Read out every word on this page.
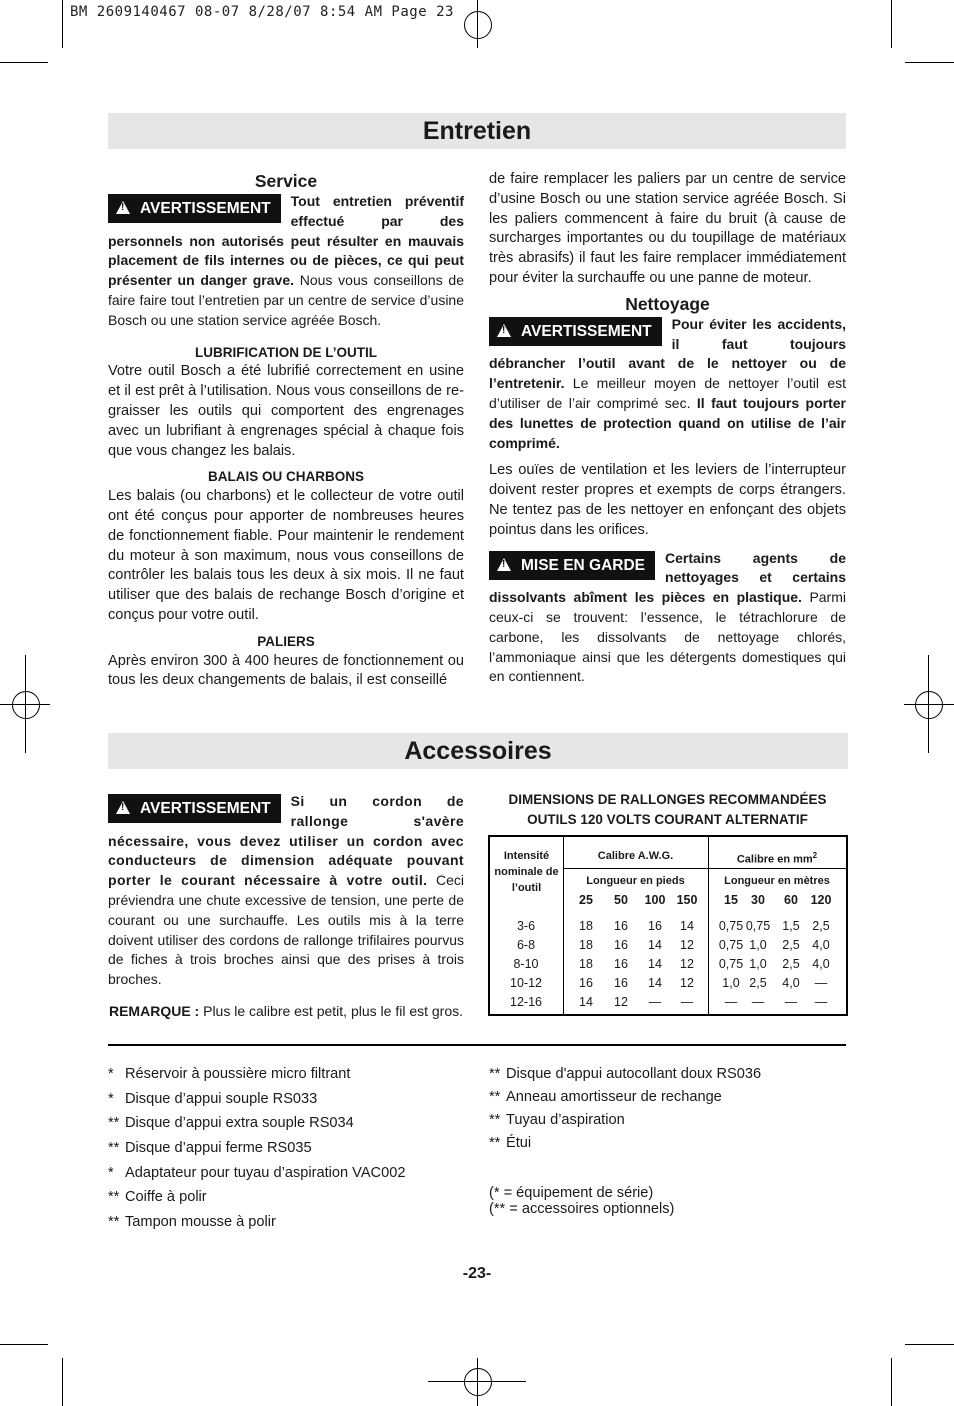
BM 2609140467 08-07 8/28/07 8:54 AM Page 23
Entretien
Service

!AVERTISSEMENT	Tout entretien préventif effectué par des personnels non autorisés peut résulter en mauvais placement de fils internes ou de pièces, ce qui peut présenter un danger grave. Nous vous conseillons de faire faire tout l’entretien par un centre de service d’usine Bosch ou une station service agréée Bosch.

LUBRIFICATION DE L’OUTIL

Votre outil Bosch a été lubrifié correctement en usine et il est prêt à l’utilisation. Nous vous conseillons de re-graisser les outils qui comportent des engrenages avec un lubrifiant à engrenages spécial à chaque fois que vous changez les balais.

BALAIS OU CHARBONS

Les balais (ou charbons) et le collecteur de votre outil ont été conçus pour apporter de nombreuses heures de fonctionnement fiable. Pour maintenir le rendement du moteur à son maximum, nous vous conseillons de contrôler les balais tous les deux à six mois. Il ne faut utiliser que des balais de rechange Bosch d’origine et conçus pour votre outil.

PALIERS

Après environ 300 à 400 heures de fonctionnement ou tous les deux changements de balais, il est conseillé

de faire remplacer les paliers par un centre de service d’usine Bosch ou une station service agréée Bosch. Si les paliers commencent à faire du bruit (à cause de surcharges importantes ou du toupillage de matériaux très abrasifs) il faut les faire remplacer immédiatement pour éviter la surchauffe ou une panne de moteur.

Nettoyage

!AVERTISSEMENT	Pour éviter les accidents, il faut toujours débrancher l’outil avant de le nettoyer ou de l’entretenir. Le meilleur moyen de nettoyer l’outil est d’utiliser de l’air comprimé sec. Il faut toujours porter des lunettes de protection quand on utilise de l’air comprimé.

Les ouïes de ventilation et les leviers de l’interrupteur doivent rester propres et exempts de corps étrangers. Ne tentez pas de les nettoyer en enfonçant des objets pointus dans les orifices.

!MISE EN GARDE	Certains agents de nettoyages et certains dissolvants abîment les pièces en plastique. Parmi ceux-ci se trouvent: l’essence, le tétrachlorure de carbone, les dissolvants de nettoyage chlorés, l’ammoniaque ainsi que les détergents domestiques qui en contiennent.

Accessoires

!AVERTISSEMENT	Si un cordon de rallonge s'avère nécessaire, vous devez utiliser un cordon avec conducteurs de dimension adéquate pouvant porter le courant nécessaire à votre outil. Ceci préviendra une chute excessive de tension, une perte de courant ou une surchauffe. Les outils mis à la terre doivent utiliser des cordons de rallonge trifilaires pourvus de fiches à trois broches ainsi que des prises à trois broches.

REMARQUE : Plus le calibre est petit, plus le fil est gros.

DIMENSIONS DE RALLONGES RECOMMANDÉES
OUTILS 120 VOLTS COURANT ALTERNATIF
Intensité nominale de l’outil
Calibre A.W.G.	Calibre en $mm^2$
Longueur en pieds	Longueur en mètres
25	50	100 150	15	30	60	120
3-6	18	16	16	14	0,75 0,75 1,5	2,5
6-8	18	16	14	12	0,75 1,0	2,5	4,0
8-10	18	16	14	12	0,75 1,0	2,5	4,0
10-12	16	16	14	12	1,0 2,5	4,0	—
12-16	14	12	—	—	—	—	—	—
* Réservoir à poussière micro filtrant
* Disque d’appui souple RS033
** Disque d’appui extra souple RS034
** Disque d’appui ferme RS035
* Adaptateur pour tuyau d’aspiration VAC002
** Coiffe à polir
** Tampon mousse à polir
** Disque d'appui autocollant doux RS036
** Anneau amortisseur de rechange
** Tuyau d’aspiration
** Étui
(* = équipement de série)
(** = accessoires optionnels)
-23-
